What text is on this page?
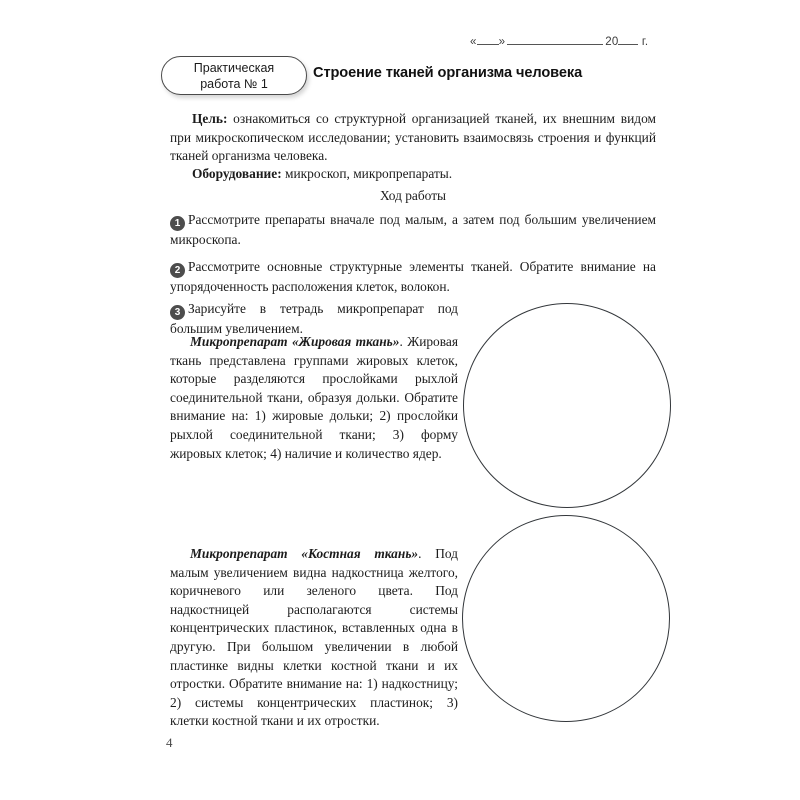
« »	20 г.
Практическая
работа № 1
Строение тканей организма человека
Цель: ознакомиться со структурной организацией тканей, их внешним видом при микроскопическом исследовании; установить взаимосвязь строения и функций тканей организма человека.
Оборудование: микроскоп, микропрепараты.
Ход работы
1 Рассмотрите препараты вначале под малым, а затем под большим увеличением микроскопа.
2 Рассмотрите основные структурные элементы тканей. Обратите внимание на упорядоченность расположения клеток, волокон.
3 Зарисуйте в тетрадь микропрепарат под большим увеличением.
Микропрепарат «Жировая ткань». Жировая ткань представлена группами жировых клеток, которые разделяются прослойками рыхлой соединительной ткани, образуя дольки. Обратите внимание на: 1) жировые дольки; 2) прослойки рыхлой соединительной ткани; 3) форму жировых клеток; 4) наличие и количество ядер.
Микропрепарат «Костная ткань». Под малым увеличением видна надкостница желтого, коричневого или зеленого цвета. Под надкостницей располагаются системы концентрических пластинок, вставленных одна в другую. При большом увеличении в любой пластинке видны клетки костной ткани и их отростки. Обратите внимание на: 1) надкостницу; 2) системы концентрических пластинок; 3) клетки костной ткани и их отростки.
4
